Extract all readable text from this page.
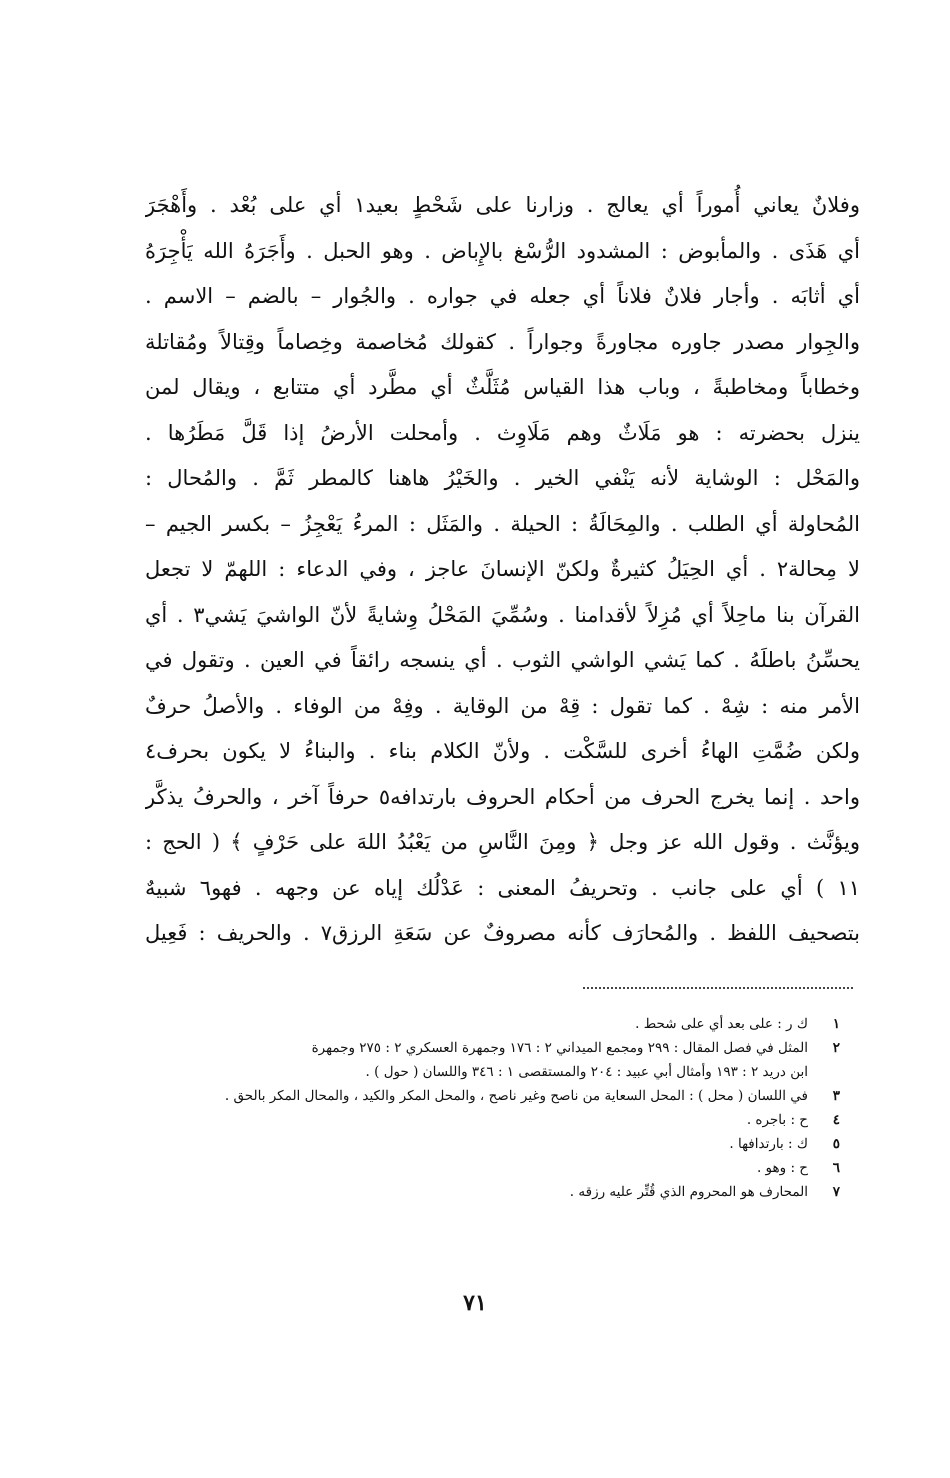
وفلانٌ يعاني أُموراً أي يعالج . وزارنا على شَحْطٍ بعيد١ أي على بُعْد . وأَهْجَرَ
أي هَذَى . والمأبوض : المشدود الرُّسْغ بالإِباض . وهو الحبل . وأَجَرَهُ الله يَأْجِرَهُ
أي أثابَه . وأجار فلانٌ فلاناً أي جعله في جواره . والجُوار – بالضم – الاسم .
والجِوار مصدر جاوره مجاورةً وجواراً . كقولك مُخاصمة وخِصاماً وقِتالاً ومُقاتلة
وخطاباً ومخاطبةً ، وباب هذا القياس مُثَلَّثٌ أي مطَّرد أي متتابع ، ويقال لمن
ينزل بحضرته : هو مَلَاثٌ وهم مَلَاوِث . وأمحلت الأرضُ إذا قَلَّ مَطَرُها .
والمَحْل : الوشاية لأنه يَنْفي الخير . والخَيْرُ هاهنا كالمطر ثَمَّ . والمُحال :
المُحاولة أي الطلب . والمِحَالَةُ : الحيلة . والمَثَل : المرءُ يَعْجِزُ – بكسر الجيم –
لا مِحالة٢ . أي الحِيَلُ كثيرةٌ ولكنّ الإنسانَ عاجز ، وفي الدعاء : اللهمّ لا تجعل
القرآن بنا ماحِلاً أي مُزِلاً لأقدامنا . وسُمِّيَ المَحْلُ وِشايةً لأنّ الواشيَ يَشي٣ . أي
يحسِّنُ باطلَهُ . كما يَشي الواشي الثوب . أي ينسجه رائقاً في العين . وتقول في
الأمر منه : شِهْ . كما تقول : قِهْ من الوقاية . وفِهْ من الوفاء . والأصلُ حرفٌ
ولكن ضُمَّتِ الهاءُ أخرى للسَّكْت . ولأنّ الكلام بناء . والبناءُ لا يكون بحرف٤
واحد . إنما يخرج الحرف من أحكام الحروف بارتدافه٥ حرفاً آخر ، والحرفُ يذكَّر
ويؤنَّث . وقول الله عز وجل ﴿ ومِنَ النَّاسِ من يَعْبُدُ اللهَ على حَرْفٍ ﴾ ( الحج :
١١ ) أي على جانب . وتحريفُ المعنى : عَدْلُك إياه عن وجهه . فهو٦ شبيهٌ
بتصحيف اللفظ . والمُحارَف كأنه مصروفٌ عن سَعَةِ الرزق٧ . والحريف : فَعِيل
١
ك ر : على بعد أي على شحط .
٢
المثل في فصل المقال : ٢٩٩ ومجمع الميداني ٢ : ١٧٦ وجمهرة العسكري ٢ : ٢٧٥ وجمهرة
ابن دريد ٢ : ١٩٣ وأمثال أبي عبيد : ٢٠٤ والمستقصى ١ : ٣٤٦ واللسان ( حول ) .
٣
في اللسان ( محل ) : المحل السعاية من ناصح وغير ناصح ، والمحل المكر والكيد ، والمحال المكر بالحق .
٤
ح : باجره .
٥
ك : بارتدافها .
٦
ح : وهو .
٧
المحارف هو المحروم الذي قُتِّر عليه رزقه .
٧١
